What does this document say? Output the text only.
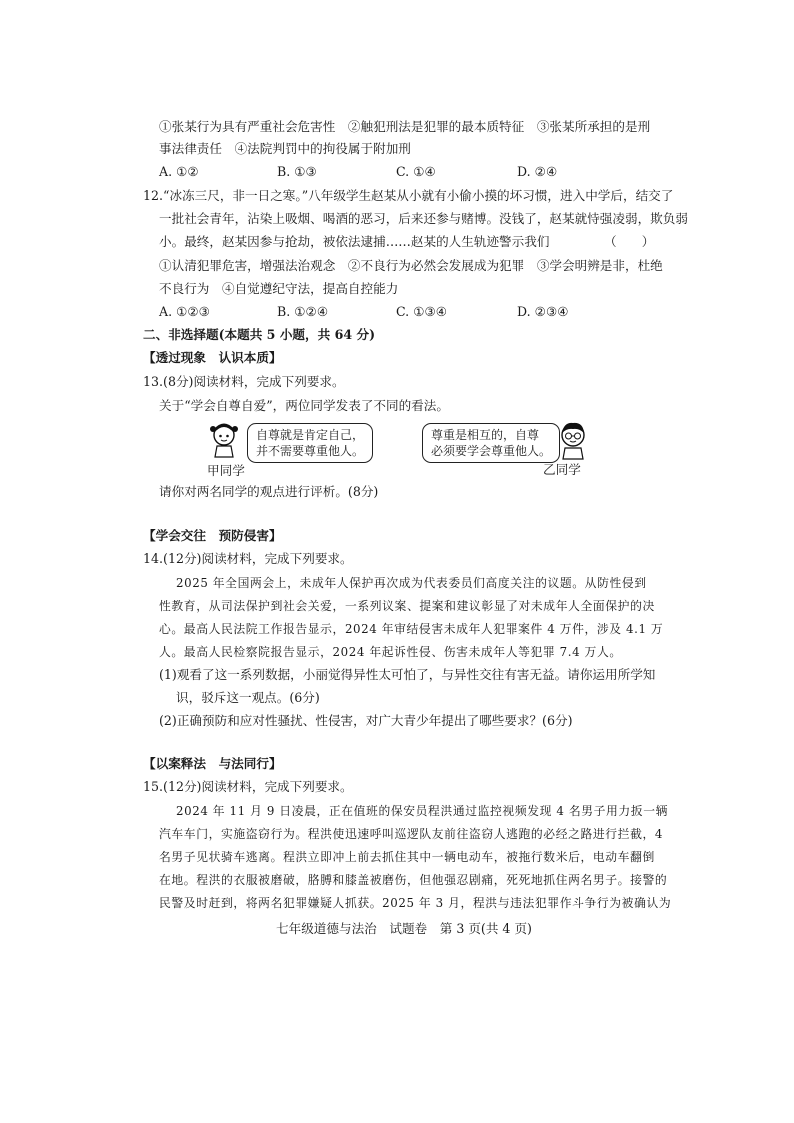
①张某行为具有严重社会危害性　②触犯刑法是犯罪的最本质特征　③张某所承担的是刑
事法律责任　④法院判罚中的拘役属于附加刑
A. ①②	B. ①③	C. ①④	D. ②④
12.“冰冻三尺，非一日之寒。”八年级学生赵某从小就有小偷小摸的坏习惯，进入中学后，结交了
一批社会青年，沾染上吸烟、喝酒的恶习，后来还参与赌博。没钱了，赵某就恃强凌弱，欺负弱
小。最终，赵某因参与抢劫，被依法逮捕……赵某的人生轨迹警示我们	（　　）
①认清犯罪危害，增强法治观念　②不良行为必然会发展成为犯罪　③学会明辨是非，杜绝
不良行为　④自觉遵纪守法，提高自控能力
A. ①②③	B. ①②④	C. ①③④	D. ②③④
二、非选择题(本题共 5 小题，共 64 分)
【透过现象　认识本质】
13.(8分)阅读材料，完成下列要求。
关于“学会自尊自爱”，两位同学发表了不同的看法。
自尊就是肯定自己，
并不需要尊重他人。
甲同学
尊重是相互的，自尊
必须要学会尊重他人。
乙同学
请你对两名同学的观点进行评析。(8分)
【学会交往　预防侵害】
14.(12分)阅读材料，完成下列要求。
2025 年全国两会上，未成年人保护再次成为代表委员们高度关注的议题。从防性侵到
性教育，从司法保护到社会关爱，一系列议案、提案和建议彰显了对未成年人全面保护的决
心。最高人民法院工作报告显示，2024 年审结侵害未成年人犯罪案件 4 万件，涉及 4.1 万
人。最高人民检察院报告显示，2024 年起诉性侵、伤害未成年人等犯罪 7.4 万人。
(1)观看了这一系列数据，小丽觉得异性太可怕了，与异性交往有害无益。请你运用所学知
识，驳斥这一观点。(6分)
(2)正确预防和应对性骚扰、性侵害，对广大青少年提出了哪些要求？(6分)
【以案释法　与法同行】
15.(12分)阅读材料，完成下列要求。
2024 年 11 月 9 日凌晨，正在值班的保安员程洪通过监控视频发现 4 名男子用力扳一辆
汽车车门，实施盗窃行为。程洪使迅速呼叫巡逻队友前往盗窃人逃跑的必经之路进行拦截，4
名男子见状骑车逃离。程洪立即冲上前去抓住其中一辆电动车，被拖行数米后，电动车翻倒
在地。程洪的衣服被磨破，胳膊和膝盖被磨伤，但他强忍剧痛，死死地抓住两名男子。接警的
民警及时赶到，将两名犯罪嫌疑人抓获。2025 年 3 月，程洪与违法犯罪作斗争行为被确认为
七年级道德与法治　试题卷　第 3 页(共 4 页)
